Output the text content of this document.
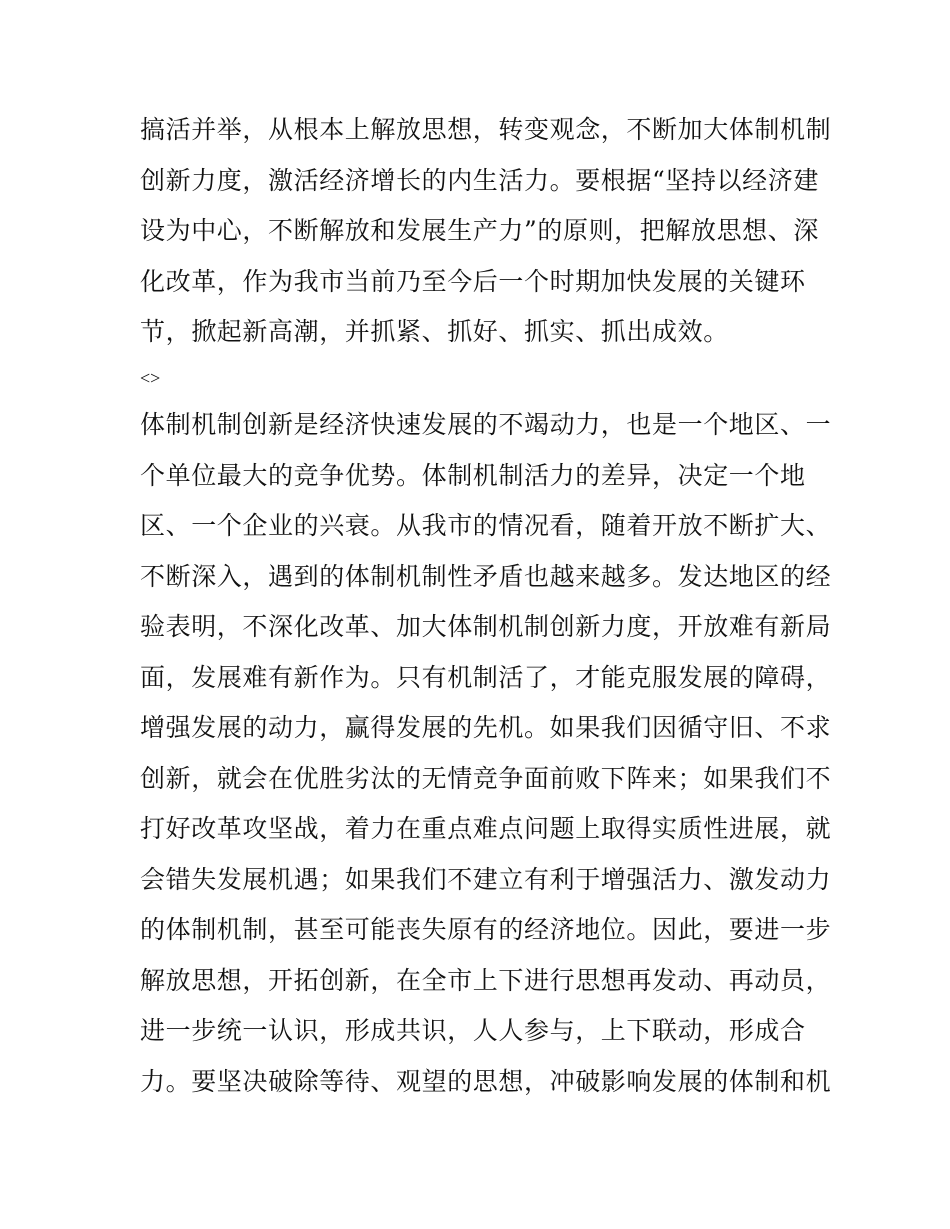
搞活并举，从根本上解放思想，转变观念，不断加大体制机制
创新力度，激活经济增长的内生活力。要根据“坚持以经济建
设为中心，不断解放和发展生产力”的原则，把解放思想、深
化改革，作为我市当前乃至今后一个时期加快发展的关键环
节，掀起新高潮，并抓紧、抓好、抓实、抓出成效。
<>
体制机制创新是经济快速发展的不竭动力，也是一个地区、一
个单位最大的竞争优势。体制机制活力的差异，决定一个地
区、一个企业的兴衰。从我市的情况看，随着开放不断扩大、
不断深入，遇到的体制机制性矛盾也越来越多。发达地区的经
验表明，不深化改革、加大体制机制创新力度，开放难有新局
面，发展难有新作为。只有机制活了，才能克服发展的障碍，
增强发展的动力，赢得发展的先机。如果我们因循守旧、不求
创新，就会在优胜劣汰的无情竞争面前败下阵来；如果我们不
打好改革攻坚战，着力在重点难点问题上取得实质性进展，就
会错失发展机遇；如果我们不建立有利于增强活力、激发动力
的体制机制，甚至可能丧失原有的经济地位。因此，要进一步
解放思想，开拓创新，在全市上下进行思想再发动、再动员，
进一步统一认识，形成共识，人人参与，上下联动，形成合
力。要坚决破除等待、观望的思想，冲破影响发展的体制和机
